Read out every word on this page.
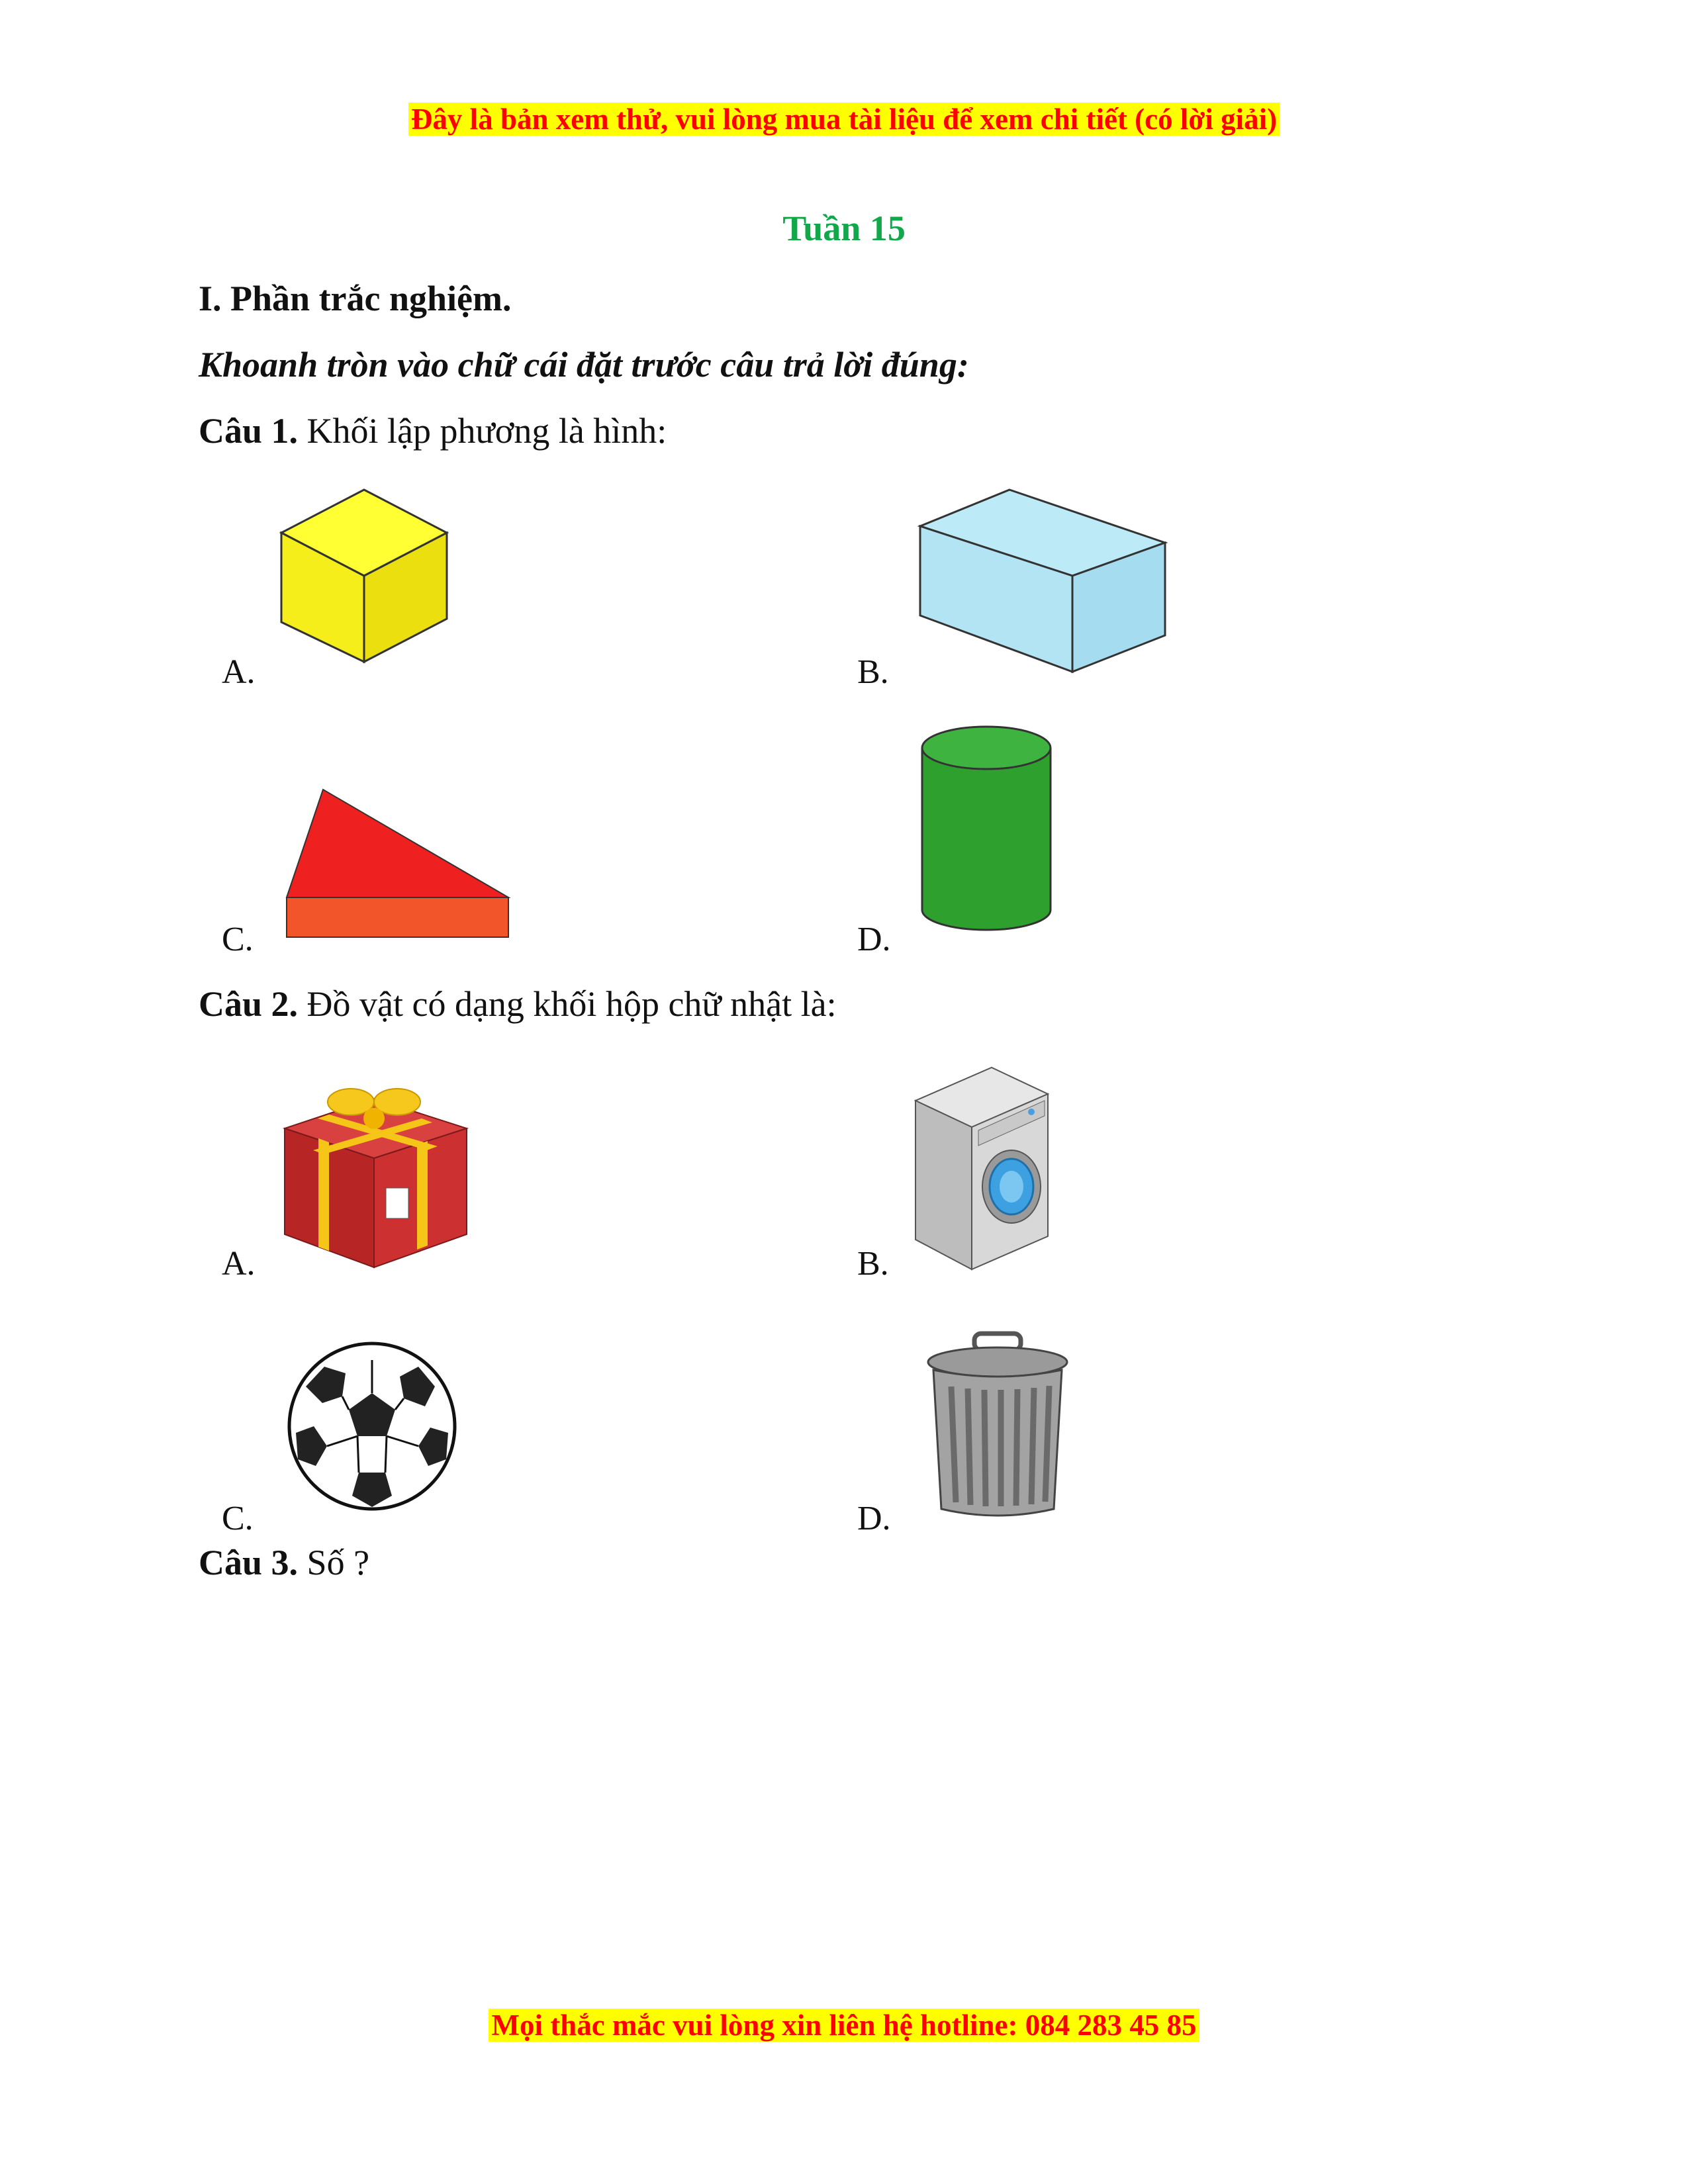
Đây là bản xem thử, vui lòng mua tài liệu để xem chi tiết (có lời giải)
Tuần 15
I. Phần trắc nghiệm.
Khoanh tròn vào chữ cái đặt trước câu trả lời đúng:
Câu 1. Khối lập phương là hình:
A.	B.
C.	D.
Câu 2. Đồ vật có dạng khối hộp chữ nhật là:
A.	B.
C.	D.
Câu 3. Số ?
Mọi thắc mắc vui lòng xin liên hệ hotline: 084 283 45 85
